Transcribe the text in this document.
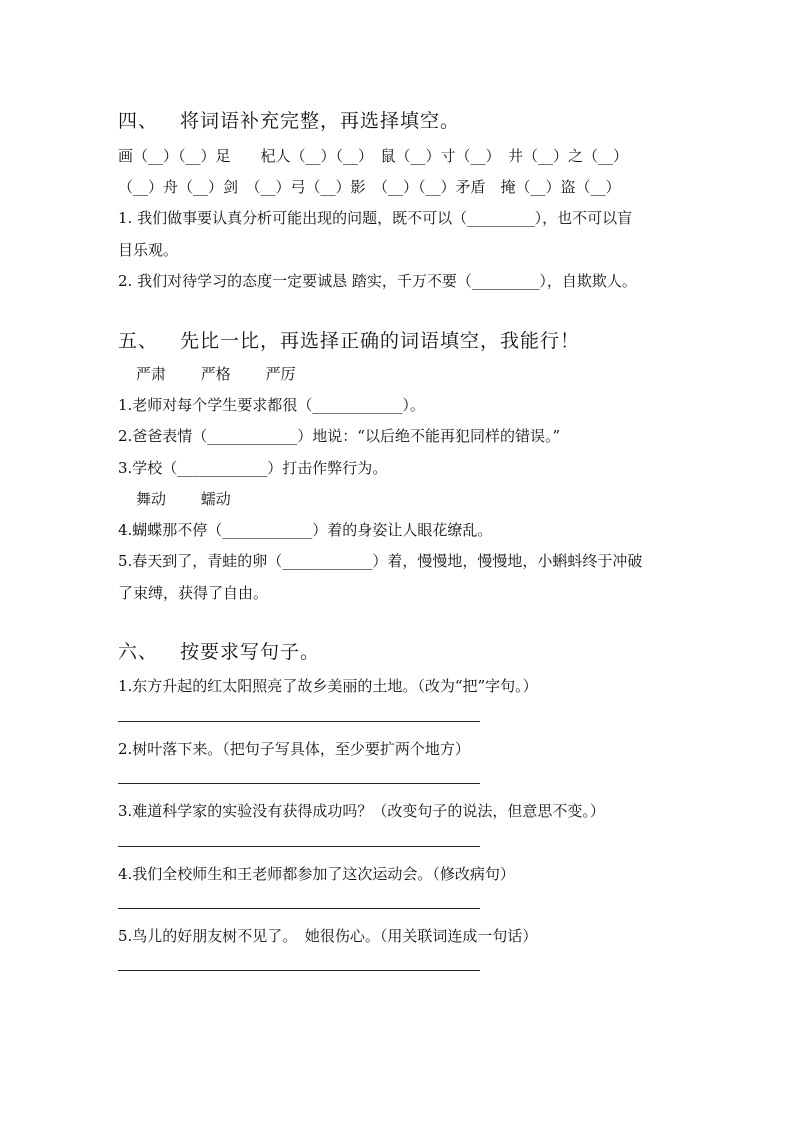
四、 将词语补充完整，再选择填空。
画（__）（__）足　　杞人（__）（__）　鼠（__）寸（__）　井（__）之（__）
（__）舟（__）剑　（__）弓（__）影　（__）（__）矛盾　掩（__）盗（__）
1. 我们做事要认真分析可能出现的问题，既不可以（_________），也不可以盲
目乐观。
2. 我们对待学习的态度一定要诚恳 踏实，千万不要（_________），自欺欺人。
五、 先比一比，再选择正确的词语填空，我能行！
严肃 严格 严厉
1.老师对每个学生要求都很（____________）。
2.爸爸表情（____________）地说：“以后绝不能再犯同样的错误。”
3.学校（____________）打击作弊行为。
舞动 蠕动
4.蝴蝶那不停（____________）着的身姿让人眼花缭乱。
5.春天到了，青蛙的卵（____________）着，慢慢地，慢慢地，小蝌蚪终于冲破
了束缚，获得了自由。
六、 按要求写句子。
1.东方升起的红太阳照亮了故乡美丽的土地。（改为“把”字句。）
2.树叶落下来。（把句子写具体，至少要扩两个地方）
3.难道科学家的实验没有获得成功吗？（改变句子的说法，但意思不变。）
4.我们全校师生和王老师都参加了这次运动会。（修改病句）
5.鸟儿的好朋友树不见了。　她很伤心。（用关联词连成一句话）
